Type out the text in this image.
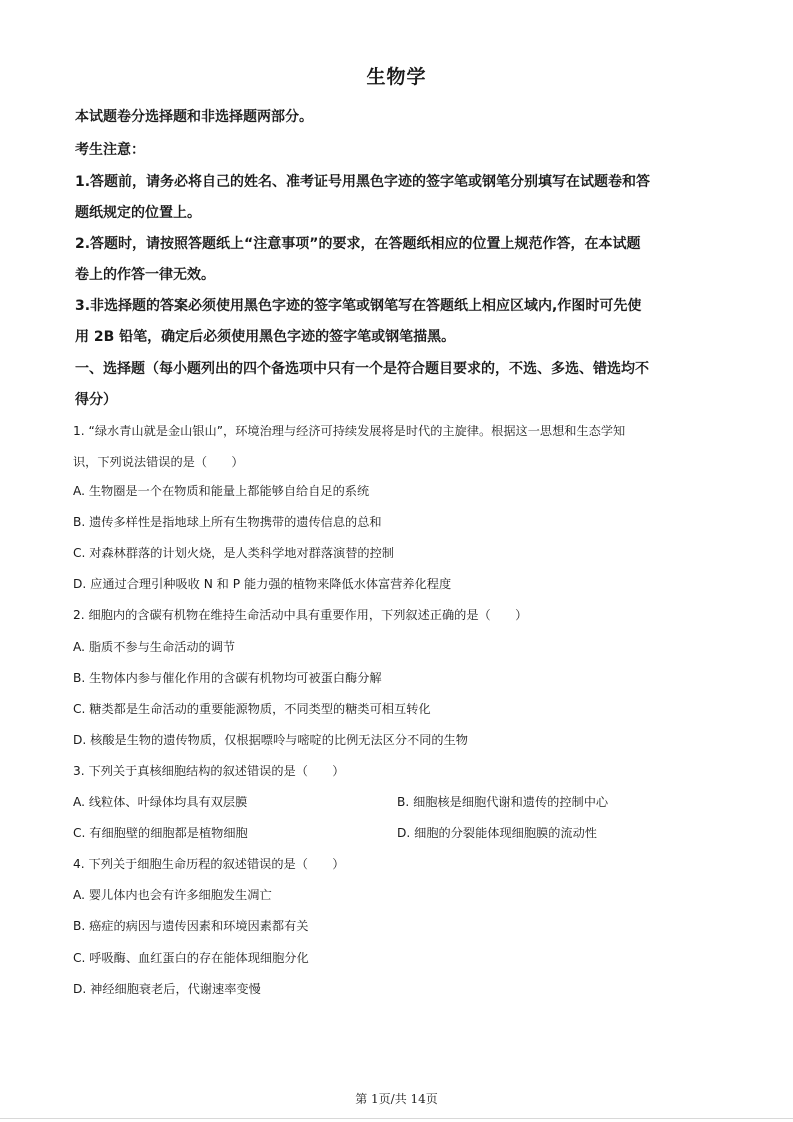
生物学
本试题卷分选择题和非选择题两部分。
考生注意：
1.答题前，请务必将自己的姓名、准考证号用黑色字迹的签字笔或钢笔分别填写在试题卷和答
题纸规定的位置上。
2.答题时，请按照答题纸上“注意事项”的要求，在答题纸相应的位置上规范作答，在本试题
卷上的作答一律无效。
3.非选择题的答案必须使用黑色字迹的签字笔或钢笔写在答题纸上相应区域内,作图时可先使
用 2B 铅笔，确定后必须使用黑色字迹的签字笔或钢笔描黑。
一、选择题（每小题列出的四个备选项中只有一个是符合题目要求的，不选、多选、错选均不
得分）
1. “绿水青山就是金山银山”，环境治理与经济可持续发展将是时代的主旋律。根据这一思想和生态学知
识，下列说法错误的是（　　）
A. 生物圈是一个在物质和能量上都能够自给自足的系统
B. 遗传多样性是指地球上所有生物携带的遗传信息的总和
C. 对森林群落的计划火烧，是人类科学地对群落演替的控制
D. 应通过合理引种吸收 N 和 P 能力强的植物来降低水体富营养化程度
2. 细胞内的含碳有机物在维持生命活动中具有重要作用，下列叙述正确的是（　　）
A. 脂质不参与生命活动的调节
B. 生物体内参与催化作用的含碳有机物均可被蛋白酶分解
C. 糖类都是生命活动的重要能源物质，不同类型的糖类可相互转化
D. 核酸是生物的遗传物质，仅根据嘌呤与嘧啶的比例无法区分不同的生物
3. 下列关于真核细胞结构的叙述错误的是（　　）
A. 线粒体、叶绿体均具有双层膜	B. 细胞核是细胞代谢和遗传的控制中心
C. 有细胞壁的细胞都是植物细胞	D. 细胞的分裂能体现细胞膜的流动性
4. 下列关于细胞生命历程的叙述错误的是（　　）
A. 婴儿体内也会有许多细胞发生凋亡
B. 癌症的病因与遗传因素和环境因素都有关
C. 呼吸酶、血红蛋白的存在能体现细胞分化
D. 神经细胞衰老后，代谢速率变慢
第 1页/共 14页
